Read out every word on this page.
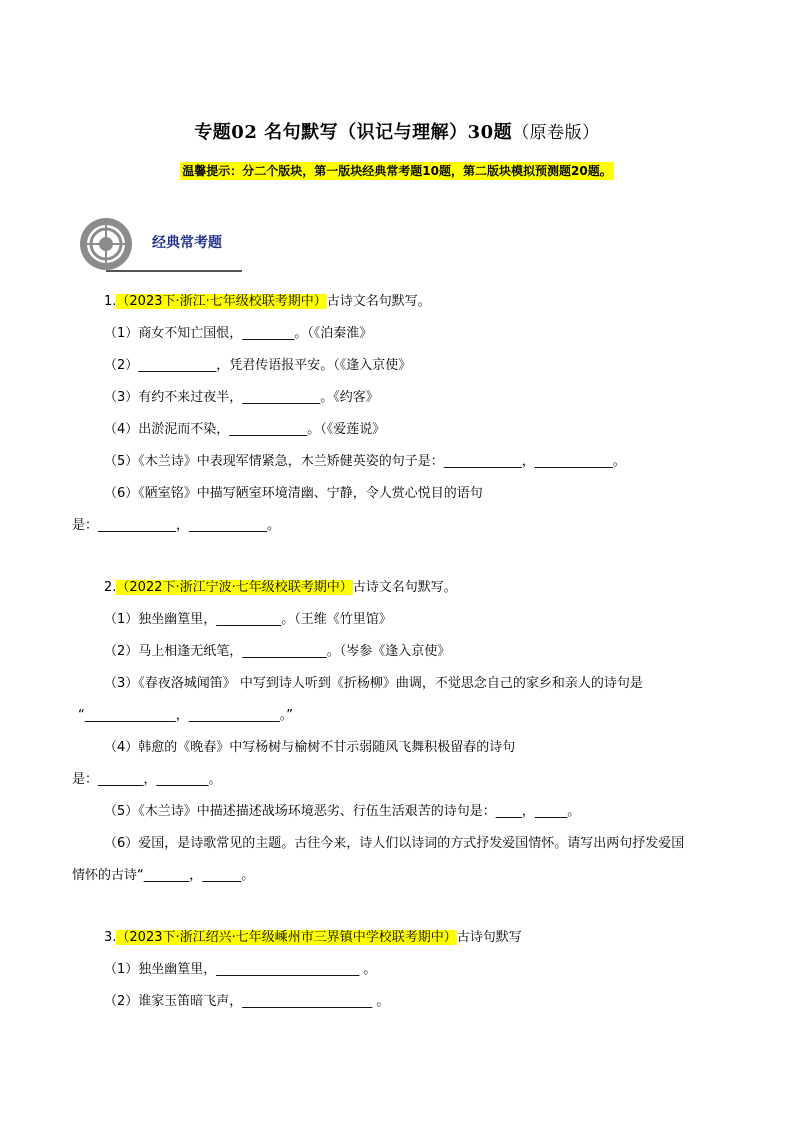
专题02 名句默写（识记与理解）30题（原卷版）
温馨提示：分二个版块，第一版块经典常考题10题，第二版块模拟预测题20题。
经典常考题
1.（2023下·浙江·七年级校联考期中）古诗文名句默写。
（1）商女不知亡国恨，________。（《泊秦淮》
（2）____________，凭君传语报平安。（《逢入京使》
（3）有约不来过夜半，____________。《约客》
（4）出淤泥而不染，____________。（《爱莲说》
（5）《木兰诗》中表现军情紧急，木兰矫健英姿的句子是：____________，____________。
（6）《陋室铭》中描写陋室环境清幽、宁静，令人赏心悦目的语句
是：____________，____________。
2.（2022下·浙江宁波·七年级校联考期中）古诗文名句默写。
（1）独坐幽篁里，__________。（王维《竹里馆》
（2）马上相逢无纸笔，_____________。（岑参《逢入京使》
（3）《春夜洛城闻笛》 中写到诗人听到《折杨柳》曲调，不觉思念自己的家乡和亲人的诗句是
“______________，______________。”
（4）韩愈的《晚春》中写杨树与榆树不甘示弱随风飞舞积极留春的诗句
是：_______，________。
（5）《木兰诗》中描述描述战场环境恶劣、行伍生活艰苦的诗句是：____，_____。
（6）爱国，是诗歌常见的主题。古往今来，诗人们以诗词的方式抒发爱国情怀。请写出两句抒发爱国
情怀的古诗“_______，______。
3.（2023下·浙江绍兴·七年级嵊州市三界镇中学校联考期中）古诗句默写
（1）独坐幽篁里，______________________ 。
（2）谁家玉笛暗飞声，____________________ 。
